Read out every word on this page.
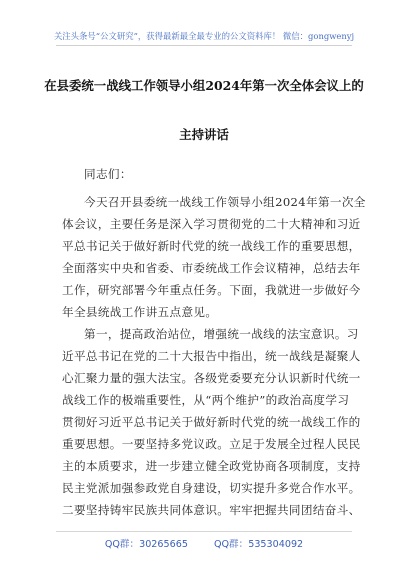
关注头条号“公文研究”，获得最新最全最专业的公文资料库！ 微信：gongwenyj
在县委统一战线工作领导小组2024年第一次全体会议上的
主持讲话
同志们：
今天召开县委统一战线工作领导小组2024年第一次全
体会议，主要任务是深入学习贯彻党的二十大精神和习近
平总书记关于做好新时代党的统一战线工作的重要思想，
全面落实中央和省委、市委统战工作会议精神，总结去年
工作，研究部署今年重点任务。下面，我就进一步做好今
年全县统战工作讲五点意见。
第一，提高政治站位，增强统一战线的法宝意识。习
近平总书记在党的二十大报告中指出，统一战线是凝聚人
心汇聚力量的强大法宝。各级党委要充分认识新时代统一
战线工作的极端重要性，从“两个维护”的政治高度学习
贯彻好习近平总书记关于做好新时代党的统一战线工作的
重要思想。一要坚持多党议政。立足于发展全过程人民民
主的本质要求，进一步建立健全政党协商各项制度，支持
民主党派加强参政党自身建设，切实提升多党合作水平。
二要坚持铸牢民族共同体意识。牢牢把握共同团结奋斗、
QQ群：30265665	QQ群：535304092
